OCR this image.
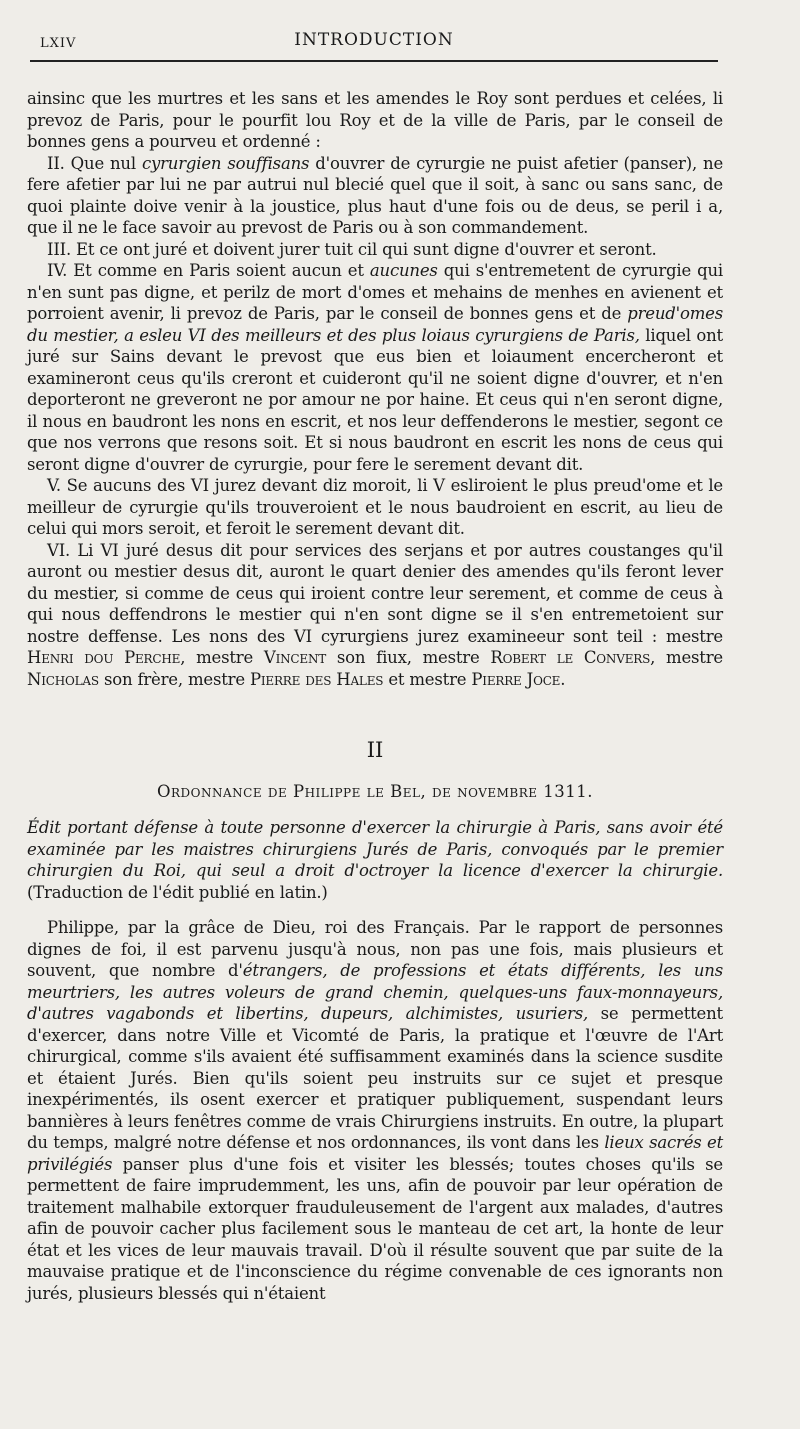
LXIV	INTRODUCTION

ainsinc que les murtres et les sans et les amendes le Roy sont perdues et celées, li prevoz de Paris, pour le pourfit lou Roy et de la ville de Paris, par le conseil de bonnes gens a pourveu et ordenné :

II. Que nul cyrurgien souffisans d'ouvrer de cyrurgie ne puist afetier (panser), ne fere afetier par lui ne par autrui nul blecié quel que il soit, à sanc ou sans sanc, de quoi plainte doive venir à la joustice, plus haut d'une fois ou de deus, se peril i a, que il ne le face savoir au prevost de Paris ou à son commandement.

III. Et ce ont juré et doivent jurer tuit cil qui sunt digne d'ouvrer et seront.

IV. Et comme en Paris soient aucun et aucunes qui s'entremetent de cyrurgie qui n'en sunt pas digne, et perilz de mort d'omes et mehains de menhes en avienent et porroient avenir, li prevoz de Paris, par le conseil de bonnes gens et de preud'omes du mestier, a esleu VI des meilleurs et des plus loiaus cyrurgiens de Paris, liquel ont juré sur Sains devant le prevost que eus bien et loiaument encercheront et examineront ceus qu'ils creront et cuideront qu'il ne soient digne d'ouvrer, et n'en deporteront ne greveront ne por amour ne por haine. Et ceus qui n'en seront digne, il nous en baudront les nons en escrit, et nos leur deffenderons le mestier, segont ce que nos verrons que resons soit. Et si nous baudront en escrit les nons de ceus qui seront digne d'ouvrer de cyrurgie, pour fere le serement devant dit.

V. Se aucuns des VI jurez devant diz moroit, li V esliroient le plus preud'ome et le meilleur de cyrurgie qu'ils trouveroient et le nous baudroient en escrit, au lieu de celui qui mors seroit, et feroit le serement devant dit.

VI. Li VI juré desus dit pour services des serjans et por autres coustanges qu'il auront ou mestier desus dit, auront le quart denier des amendes qu'ils feront lever du mestier, si comme de ceus qui iroient contre leur serement, et comme de ceus à qui nous deffendrons le mestier qui n'en sont digne se il s'en entremetoient sur nostre deffense. Les nons des VI cyrurgiens jurez examineeur sont teil : mestre Henri dou Perche, mestre Vincent son fiux, mestre Robert le Convers, mestre Nicholas son frère, mestre Pierre des Hales et mestre Pierre Joce.

II
Ordonnance de Philippe le Bel, de novembre 1311.

Édit portant défense à toute personne d'exercer la chirurgie à Paris, sans avoir été examinée par les maistres chirurgiens Jurés de Paris, convoqués par le premier chirurgien du Roi, qui seul a droit d'octroyer la licence d'exercer la chirurgie. (Traduction de l'édit publié en latin.)

Philippe, par la grâce de Dieu, roi des Français. Par le rapport de personnes dignes de foi, il est parvenu jusqu'à nous, non pas une fois, mais plusieurs et souvent, que nombre d'étrangers, de professions et états différents, les uns meurtriers, les autres voleurs de grand chemin, quelques-uns faux-monnayeurs, d'autres vagabonds et libertins, dupeurs, alchimistes, usuriers, se permettent d'exercer, dans notre Ville et Vicomté de Paris, la pratique et l'œuvre de l'Art chirurgical, comme s'ils avaient été suffisamment examinés dans la science susdite et étaient Jurés. Bien qu'ils soient peu instruits sur ce sujet et presque inexpérimentés, ils osent exercer et pratiquer publiquement, suspendant leurs bannières à leurs fenêtres comme de vrais Chirurgiens instruits. En outre, la plupart du temps, malgré notre défense et nos ordonnances, ils vont dans les lieux sacrés et privilégiés panser plus d'une fois et visiter les blessés; toutes choses qu'ils se permettent de faire imprudemment, les uns, afin de pouvoir par leur opération de traitement malhabile extorquer frauduleusement de l'argent aux malades, d'autres afin de pouvoir cacher plus facilement sous le manteau de cet art, la honte de leur état et les vices de leur mauvais travail. D'où il résulte souvent que par suite de la mauvaise pratique et de l'inconscience du régime convenable de ces ignorants non jurés, plusieurs blessés qui n'étaient
